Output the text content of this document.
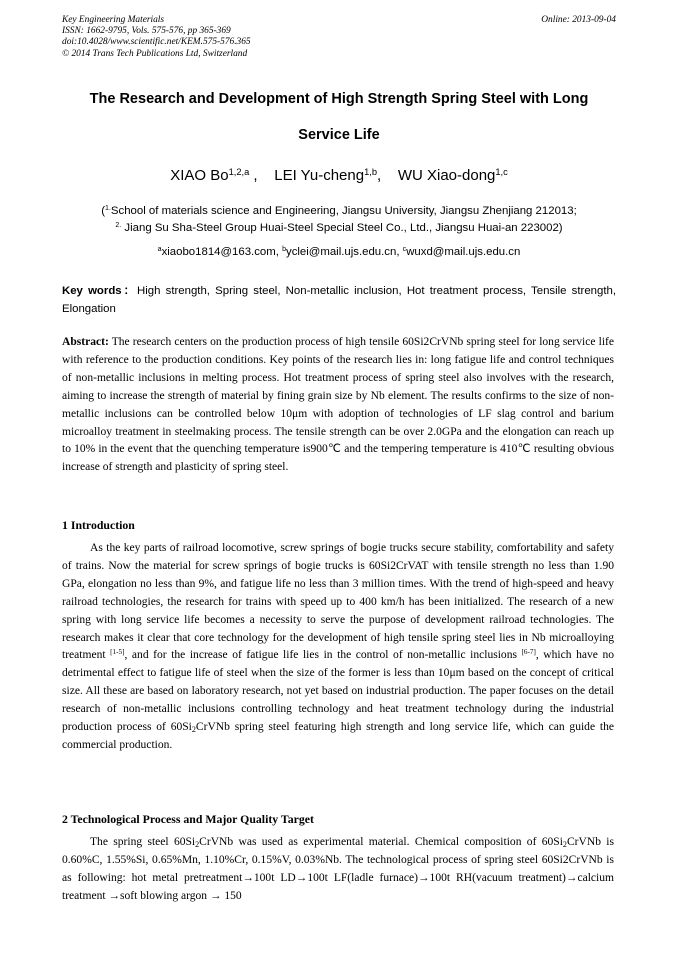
Key Engineering Materials
ISSN: 1662-9795, Vols. 575-576, pp 365-369
doi:10.4028/www.scientific.net/KEM.575-576.365
© 2014 Trans Tech Publications Ltd, Switzerland
Online: 2013-09-04
The Research and Development of High Strength Spring Steel with Long
Service Life
XIAO Bo$^{1,2,a}$ ,    LEI Yu-cheng$^{1,b}$,    WU Xiao-dong$^{1,c}$
($^{1.}$School of materials science and Engineering, Jiangsu University, Jiangsu Zhenjiang 212013;
$^{2.}$ Jiang Su Sha-Steel Group Huai-Steel Special Steel Co., Ltd., Jiangsu Huai-an 223002)
$^a$xiaobo1814@163.com, $^b$yclei@mail.ujs.edu.cn, $^c$wuxd@mail.ujs.edu.cn
Key words：High strength, Spring steel, Non-metallic inclusion, Hot treatment process, Tensile strength, Elongation
Abstract: The research centers on the production process of high tensile 60Si2CrVNb spring steel for long service life with reference to the production conditions. Key points of the research lies in: long fatigue life and control techniques of non-metallic inclusions in melting process. Hot treatment process of spring steel also involves with the research, aiming to increase the strength of material by fining grain size by Nb element. The results confirms to the size of non-metallic inclusions can be controlled below 10μm with adoption of technologies of LF slag control and barium microalloy treatment in steelmaking process. The tensile strength can be over 2.0GPa and the elongation can reach up to 10% in the event that the quenching temperature is900℃ and the tempering temperature is 410℃ resulting obvious increase of strength and plasticity of spring steel.
1 Introduction
As the key parts of railroad locomotive, screw springs of bogie trucks secure stability, comfortability and safety of trains. Now the material for screw springs of bogie trucks is 60Si2CrVAT with tensile strength no less than 1.90 GPa, elongation no less than 9%, and fatigue life no less than 3 million times. With the trend of high-speed and heavy railroad technologies, the research for trains with speed up to 400 km/h has been initialized. The research of a new spring with long service life becomes a necessity to serve the purpose of development railroad technologies. The research makes it clear that core technology for the development of high tensile spring steel lies in Nb microalloying treatment [1-5], and for the increase of fatigue life lies in the control of non-metallic inclusions [6-7], which have no detrimental effect to fatigue life of steel when the size of the former is less than 10μm based on the concept of critical size. All these are based on laboratory research, not yet based on industrial production. The paper focuses on the detail research of non-metallic inclusions controlling technology and heat treatment technology during the industrial production process of $60Si_2CrVNb$ spring steel featuring high strength and long service life, which can guide the commercial production.
2 Technological Process and Major Quality Target
The spring steel $60Si_2CrVNb$ was used as experimental material. Chemical composition of $60Si_2CrVNb$ is 0.60%C, 1.55%Si, 0.65%Mn, 1.10%Cr, 0.15%V, 0.03%Nb. The technological process of spring steel 60Si2CrVNb is as following: hot metal pretreatment→100t LD→100t LF(ladle furnace)→100t RH(vacuum treatment)→calcium treatment →soft blowing argon → 150
